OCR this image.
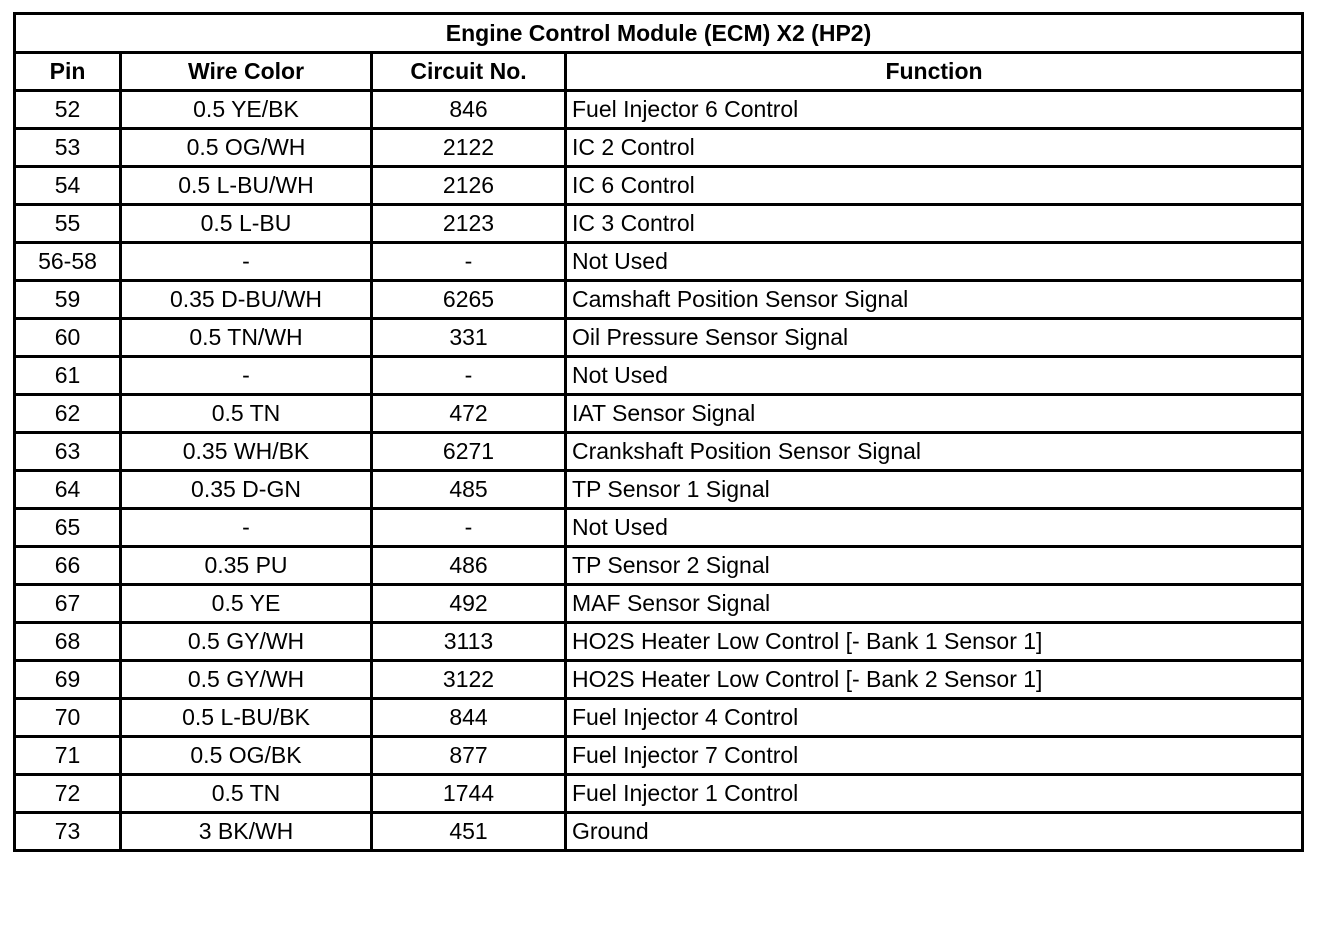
Engine Control Module (ECM) X2 (HP2)			
Pin	Wire Color	Circuit No.	Function
52	0.5 YE/BK	846	Fuel Injector 6 Control
53	0.5 OG/WH	2122	IC 2 Control
54	0.5 L-BU/WH	2126	IC 6 Control
55	0.5 L-BU	2123	IC 3 Control
56-58	-	-	Not Used
59	0.35 D-BU/WH	6265	Camshaft Position Sensor Signal
60	0.5 TN/WH	331	Oil Pressure Sensor Signal
61	-	-	Not Used
62	0.5 TN	472	IAT Sensor Signal
63	0.35 WH/BK	6271	Crankshaft Position Sensor Signal
64	0.35 D-GN	485	TP Sensor 1 Signal
65	-	-	Not Used
66	0.35 PU	486	TP Sensor 2 Signal
67	0.5 YE	492	MAF Sensor Signal
68	0.5 GY/WH	3113	HO2S Heater Low Control [- Bank 1 Sensor 1]
69	0.5 GY/WH	3122	HO2S Heater Low Control [- Bank 2 Sensor 1]
70	0.5 L-BU/BK	844	Fuel Injector 4 Control
71	0.5 OG/BK	877	Fuel Injector 7 Control
72	0.5 TN	1744	Fuel Injector 1 Control
73	3 BK/WH	451	Ground
